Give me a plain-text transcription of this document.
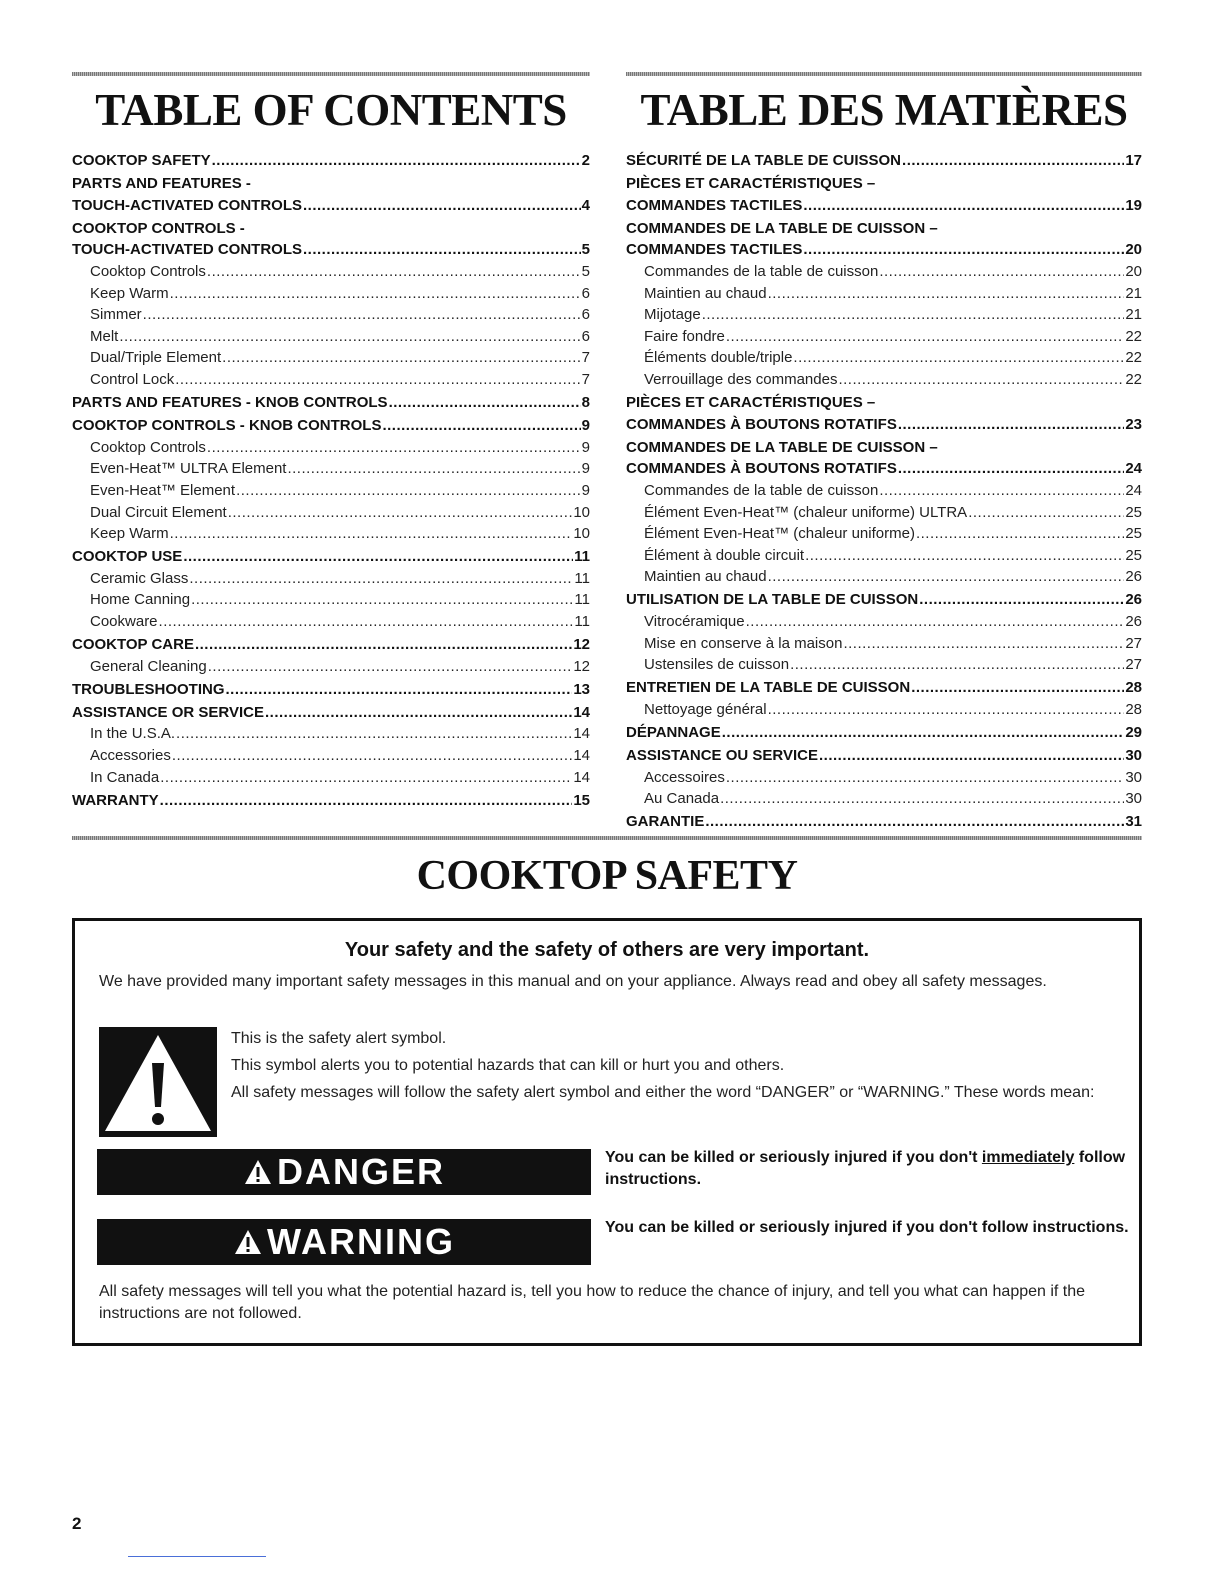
TABLE OF CONTENTS
COOKTOP SAFETY .....	2
PARTS AND FEATURES -
TOUCH-ACTIVATED CONTROLS .....	4
COOKTOP CONTROLS -
TOUCH-ACTIVATED CONTROLS .....	5
Cooktop Controls .....	5
Keep Warm .....	6
Simmer .....	6
Melt .....	6
Dual/Triple Element .....	7
Control Lock .....	7
PARTS AND FEATURES - KNOB CONTROLS .....	8
COOKTOP CONTROLS - KNOB CONTROLS .....	9
Cooktop Controls .....	9
Even-Heat™ ULTRA Element .....	9
Even-Heat™ Element .....	9
Dual Circuit Element .....	10
Keep Warm .....	10
COOKTOP USE .....	11
Ceramic Glass .....	11
Home Canning .....	11
Cookware .....	11
COOKTOP CARE .....	12
General Cleaning .....	12
TROUBLESHOOTING .....	13
ASSISTANCE OR SERVICE .....	14
In the U.S.A. .....	14
Accessories .....	14
In Canada .....	14
WARRANTY .....	15
TABLE DES MATIÈRES
SÉCURITÉ DE LA TABLE DE CUISSON .....	17
PIÈCES ET CARACTÉRISTIQUES –
COMMANDES TACTILES .....	19
COMMANDES DE LA TABLE DE CUISSON –
COMMANDES TACTILES .....	20
Commandes de la table de cuisson .....	20
Maintien au chaud .....	21
Mijotage .....	21
Faire fondre .....	22
Éléments double/triple .....	22
Verrouillage des commandes .....	22
PIÈCES ET CARACTÉRISTIQUES –
COMMANDES À BOUTONS ROTATIFS .....	23
COMMANDES DE LA TABLE DE CUISSON –
COMMANDES À BOUTONS ROTATIFS .....	24
Commandes de la table de cuisson .....	24
Élément Even-Heat™ (chaleur uniforme) ULTRA .....	25
Élément Even-Heat™ (chaleur uniforme) .....	25
Élément à double circuit .....	25
Maintien au chaud .....	26
UTILISATION DE LA TABLE DE CUISSON .....	26
Vitrocéramique .....	26
Mise en conserve à la maison .....	27
Ustensiles de cuisson .....	27
ENTRETIEN DE LA TABLE DE CUISSON .....	28
Nettoyage général .....	28
DÉPANNAGE .....	29
ASSISTANCE OU SERVICE .....	30
Accessoires .....	30
Au Canada .....	30
GARANTIE .....	31
COOKTOP SAFETY

Your safety and the safety of others are very important.

We have provided many important safety messages in this manual and on your appliance. Always read and obey all safety messages.

This is the safety alert symbol.

This symbol alerts you to potential hazards that can kill or hurt you and others.

All safety messages will follow the safety alert symbol and either the word “DANGER” or “WARNING.” These words mean:

DANGER	You can be killed or seriously injured if you don't immediately follow instructions.

WARNING	You can be killed or seriously injured if you don't follow instructions.

All safety messages will tell you what the potential hazard is, tell you how to reduce the chance of injury, and tell you what can happen if the instructions are not followed.

2
